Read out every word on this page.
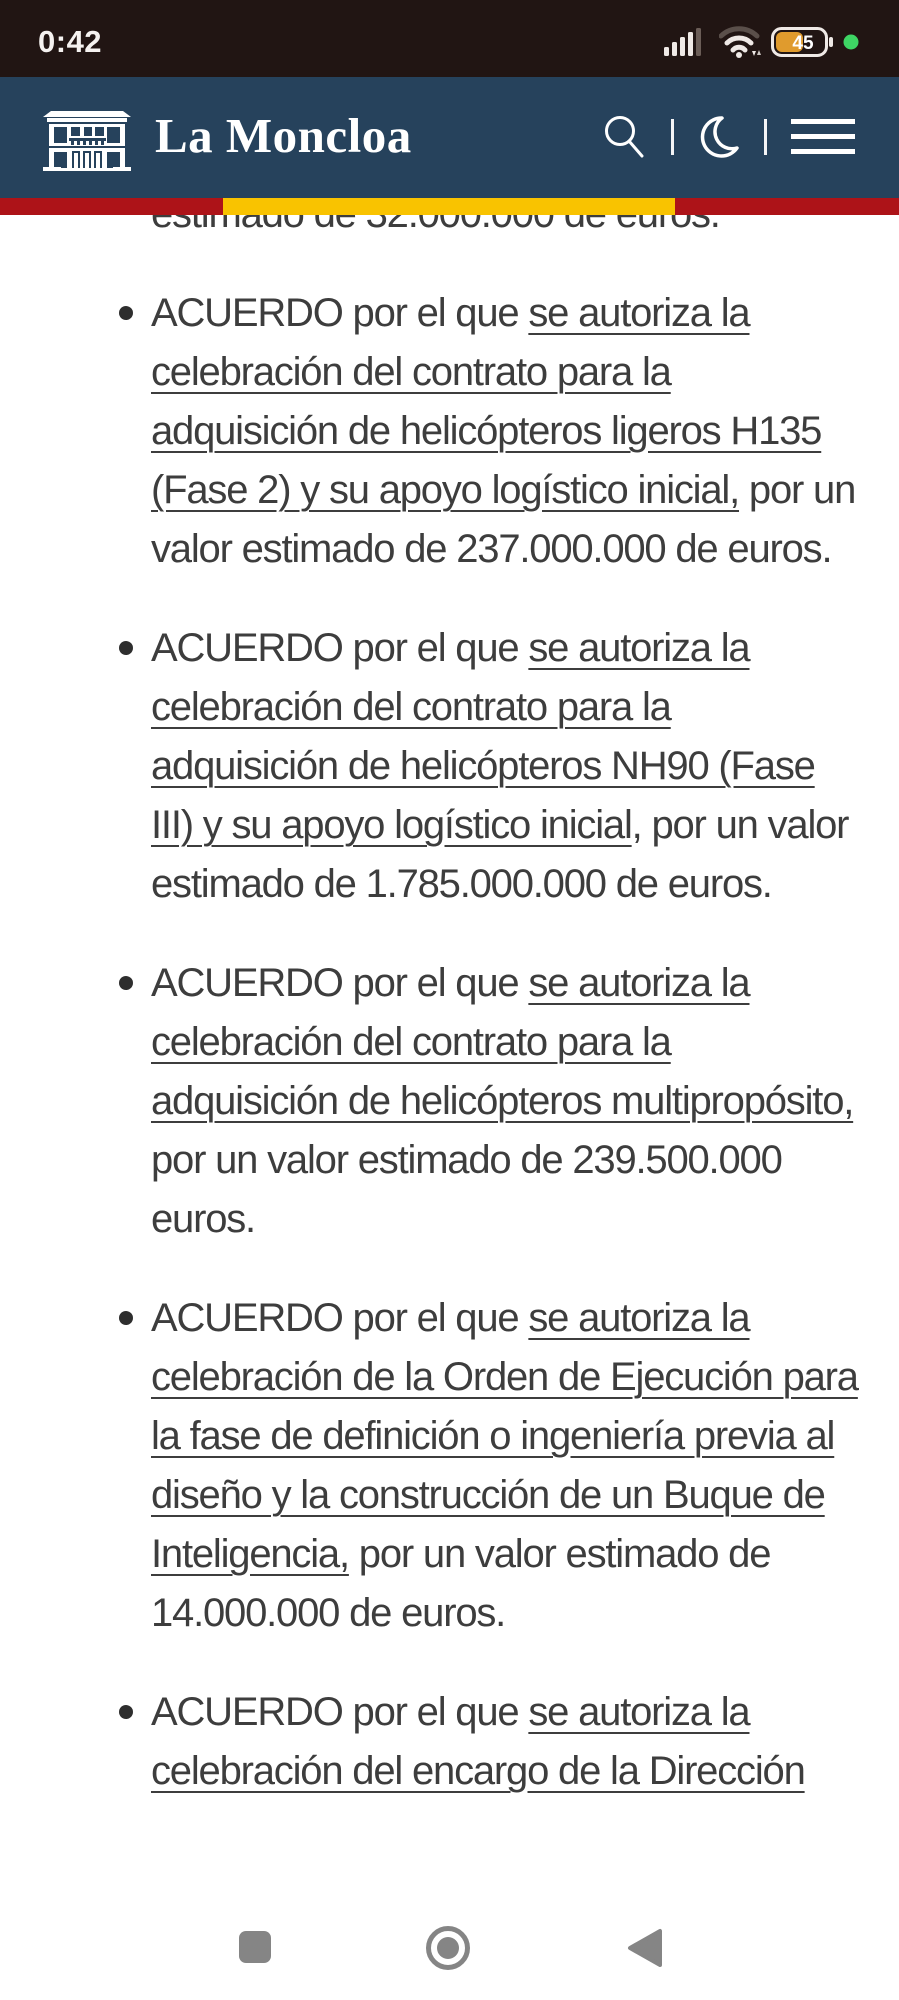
ACUERDO por el que se autoriza la celebración del contrato para la adquisición de helicópteros ligeros H135 (Fase 2) y su apoyo logístico inicial, por un valor estimado de 237.000.000 de euros.
ACUERDO por el que se autoriza la celebración del contrato para la adquisición de helicópteros NH90 (Fase III) y su apoyo logístico inicial, por un valor estimado de 1.785.000.000 de euros.
ACUERDO por el que se autoriza la celebración del contrato para la adquisición de helicópteros multipropósito, por un valor estimado de 239.500.000 euros.
ACUERDO por el que se autoriza la celebración de la Orden de Ejecución para la fase de definición o ingeniería previa al diseño y la construcción de un Buque de Inteligencia, por un valor estimado de 14.000.000 de euros.
ACUERDO por el que se autoriza la celebración del encargo de la Dirección
0:42	45
La Moncloa
